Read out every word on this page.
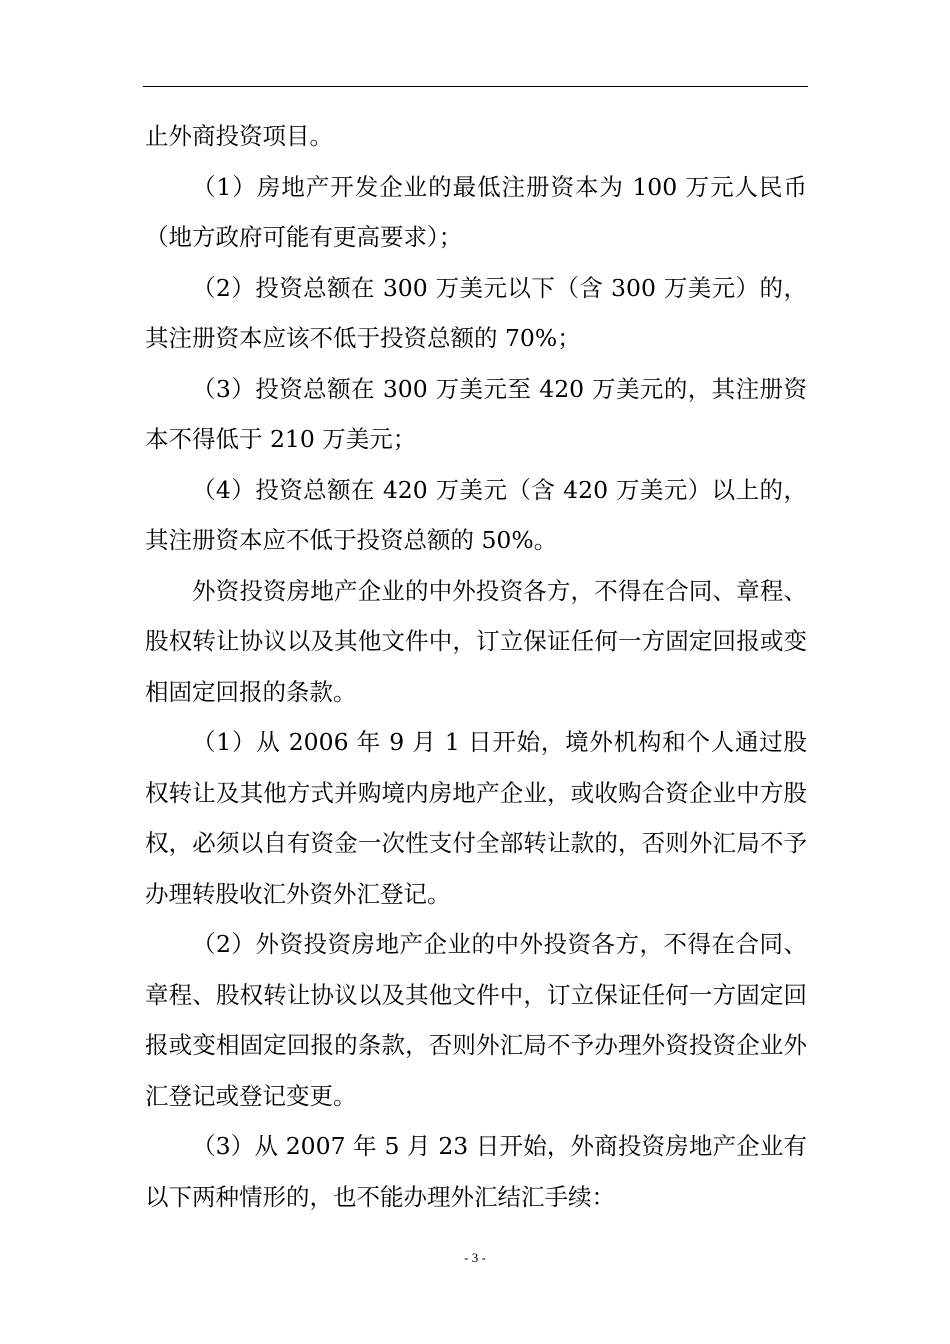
止外商投资项目。

（1）房地产开发企业的最低注册资本为 100 万元人民币（地方政府可能有更高要求）；

（2）投资总额在 300 万美元以下（含 300 万美元）的，其注册资本应该不低于投资总额的 70%；

（3）投资总额在 300 万美元至 420 万美元的，其注册资本不得低于 210 万美元；

（4）投资总额在 420 万美元（含 420 万美元）以上的，其注册资本应不低于投资总额的 50%。

外资投资房地产企业的中外投资各方，不得在合同、章程、股权转让协议以及其他文件中，订立保证任何一方固定回报或变相固定回报的条款。

（1）从 2006 年 9 月 1 日开始，境外机构和个人通过股权转让及其他方式并购境内房地产企业，或收购合资企业中方股权，必须以自有资金一次性支付全部转让款的，否则外汇局不予办理转股收汇外资外汇登记。

（2）外资投资房地产企业的中外投资各方，不得在合同、章程、股权转让协议以及其他文件中，订立保证任何一方固定回报或变相固定回报的条款，否则外汇局不予办理外资投资企业外汇登记或登记变更。

（3）从 2007 年 5 月 23 日开始，外商投资房地产企业有以下两种情形的，也不能办理外汇结汇手续：

- 3 -
